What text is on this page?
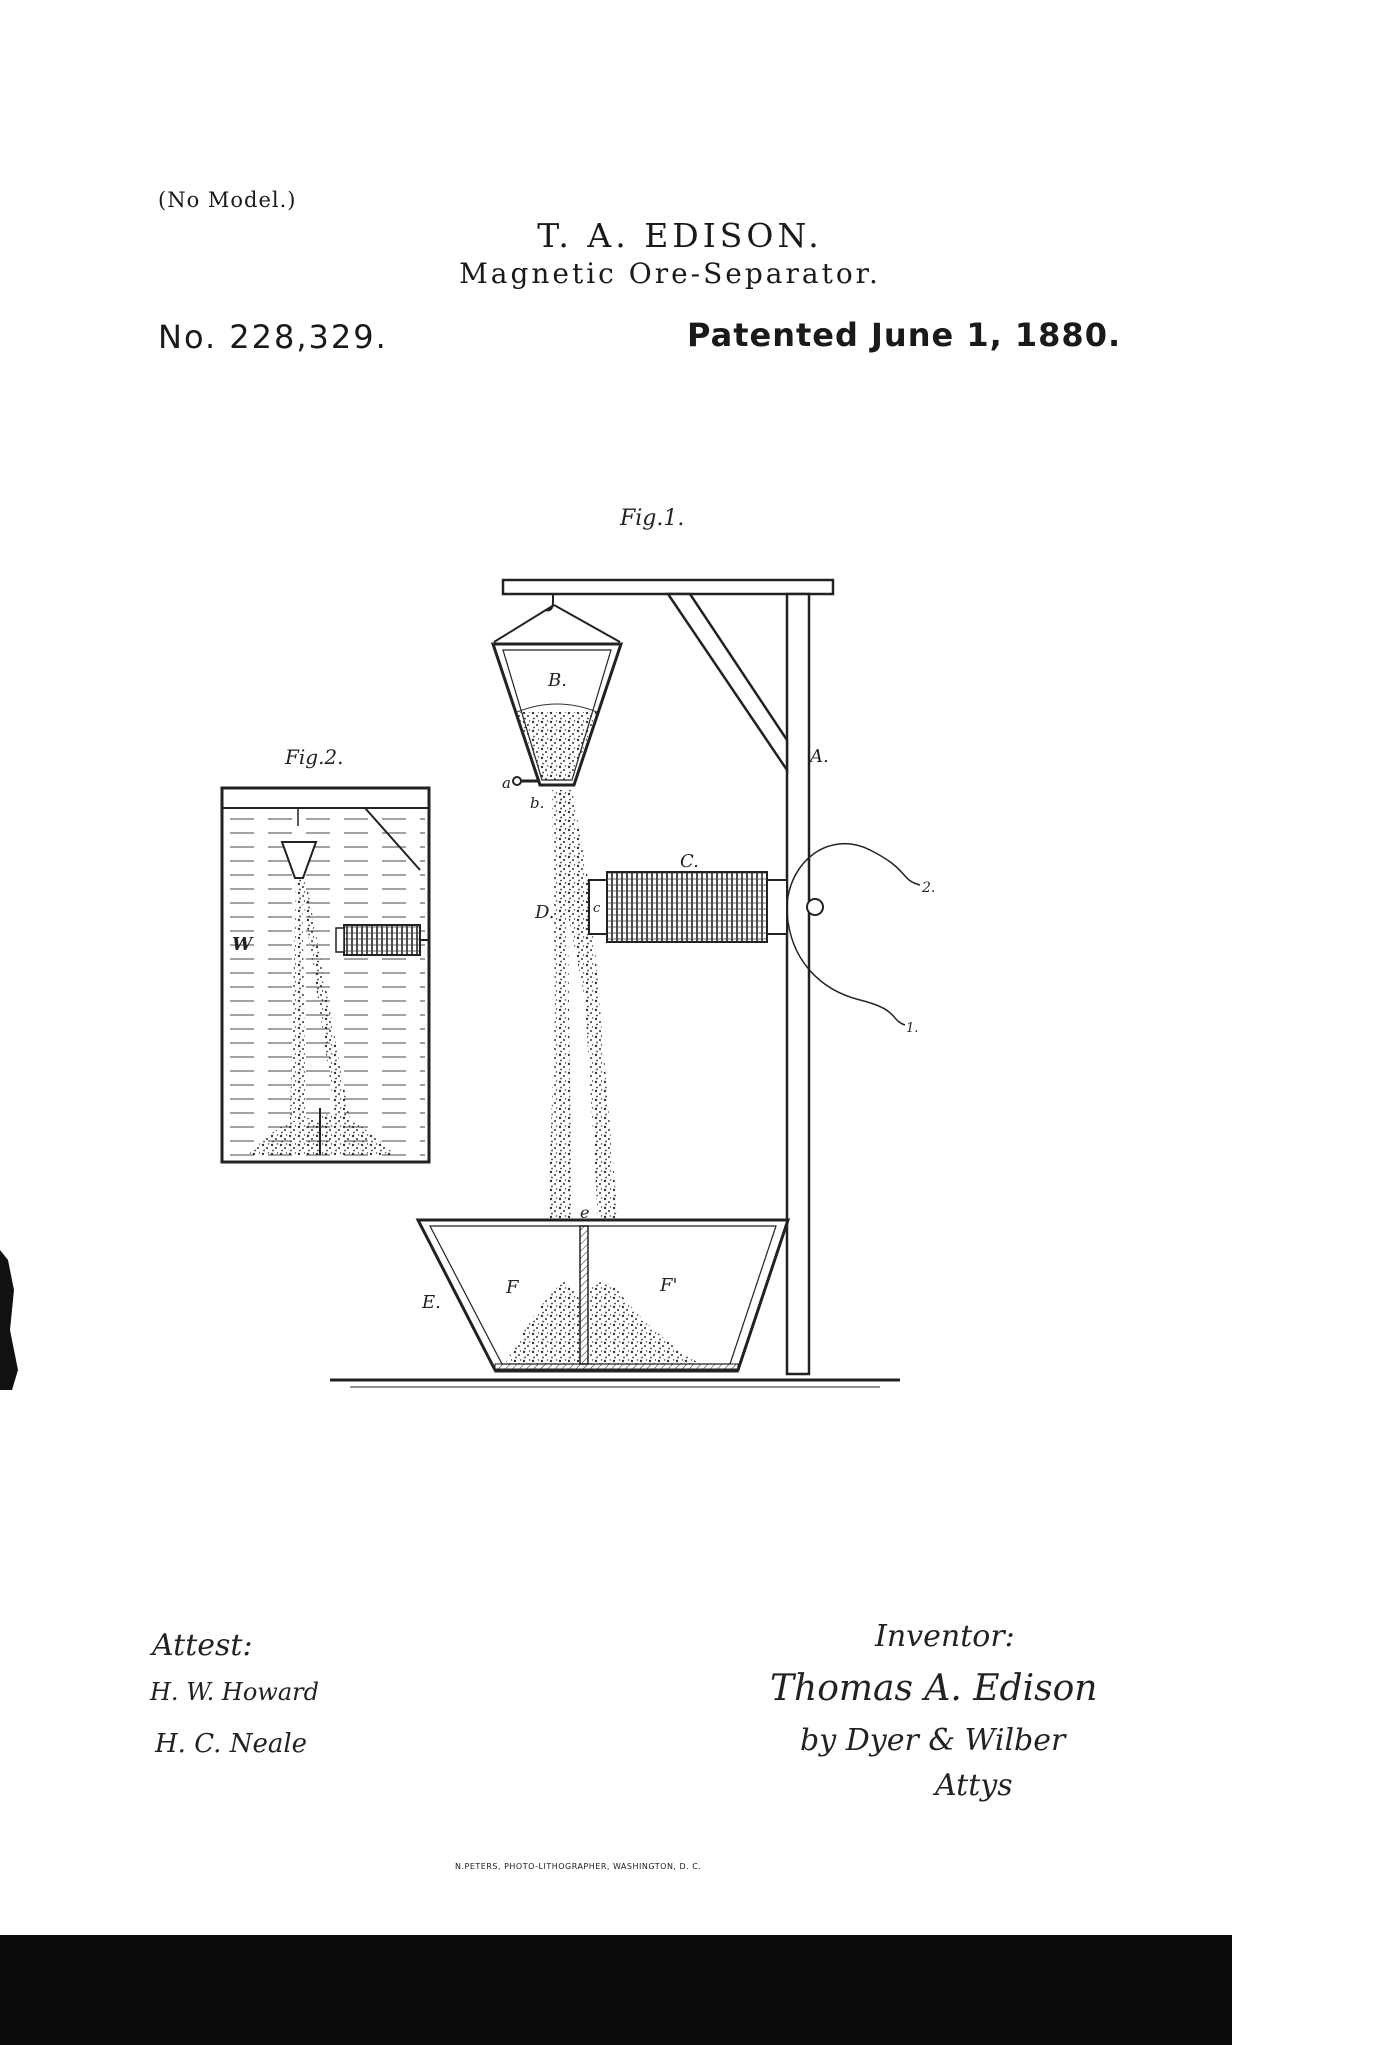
(No Model.)
T. A. EDISON.
Magnetic Ore-Separator.
No. 228,329.	Patented June 1, 1880.
Fig.1.
Fig.2.	A.
B.
C.
c
D.
E.
F	F'
a
b.
e
W
1.
2.
Attest:
H. W. Howard
H. C. Neale
Inventor:
Thomas A. Edison
by Dyer & Wilber
Attys
N.PETERS, PHOTO-LITHOGRAPHER, WASHINGTON, D. C.
